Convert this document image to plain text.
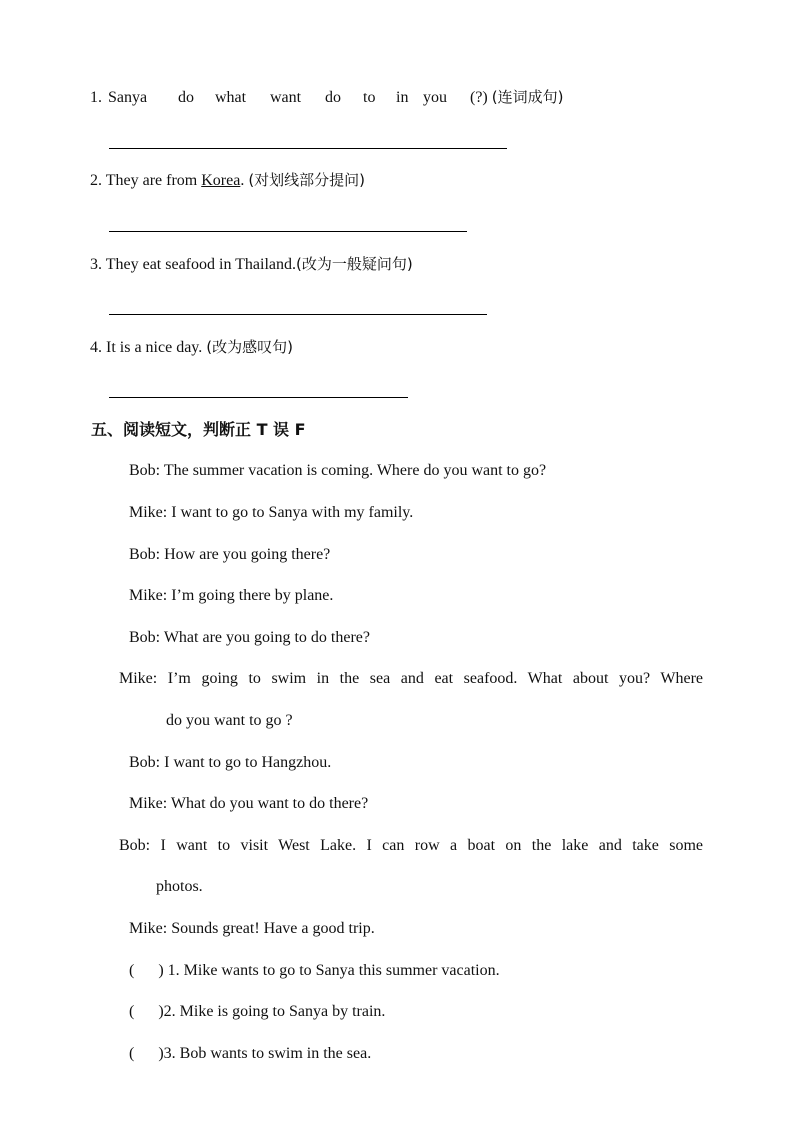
1. Sanya do what want do to in you (?) (连词成句)
2. They are from Korea. (对划线部分提问)
3. They eat seafood in Thailand.(改为一般疑问句)
4. It is a nice day. (改为感叹句)
五、阅读短文，判断正 T 误 F
Bob: The summer vacation is coming. Where do you want to go?
Mike: I want to go to Sanya with my family.
Bob: How are you going there?
Mike: I’m going there by plane.
Bob: What are you going to do there?
Mike: I’m going to swim in the sea and eat seafood. What about you? Where
do you want to go ?
Bob: I want to go to Hangzhou.
Mike: What do you want to do there?
Bob: I want to visit West Lake. I can row a boat on the lake and take some
photos.
Mike: Sounds great! Have a good trip.
(      ) 1. Mike wants to go to Sanya this summer vacation.
(      )2. Mike is going to Sanya by train.
(      )3. Bob wants to swim in the sea.
